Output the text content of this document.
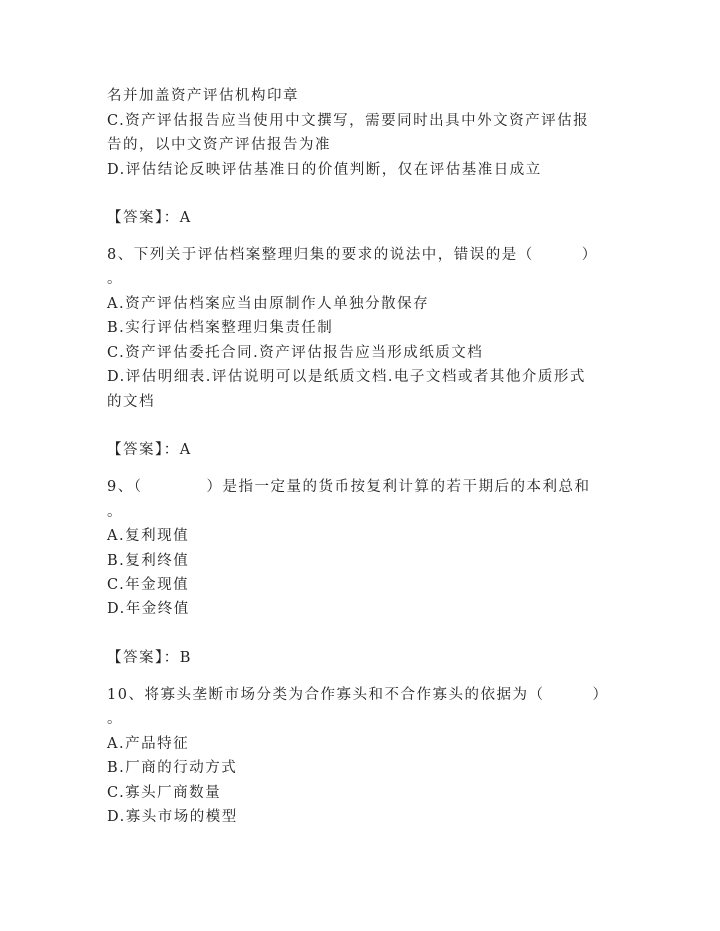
名并加盖资产评估机构印章
C.资产评估报告应当使用中文撰写，需要同时出具中外文资产评估报
告的，以中文资产评估报告为准
D.评估结论反映评估基准日的价值判断，仅在评估基准日成立
【答案】：A
8、下列关于评估档案整理归集的要求的说法中，错误的是（　　　）
。
A.资产评估档案应当由原制作人单独分散保存
B.实行评估档案整理归集责任制
C.资产评估委托合同.资产评估报告应当形成纸质文档
D.评估明细表.评估说明可以是纸质文档.电子文档或者其他介质形式
的文档
【答案】：A
9、（　　　　）是指一定量的货币按复利计算的若干期后的本利总和
。
A.复利现值
B.复利终值
C.年金现值
D.年金终值
【答案】：B
10、将寡头垄断市场分类为合作寡头和不合作寡头的依据为（　　　）
。
A.产品特征
B.厂商的行动方式
C.寡头厂商数量
D.寡头市场的模型
